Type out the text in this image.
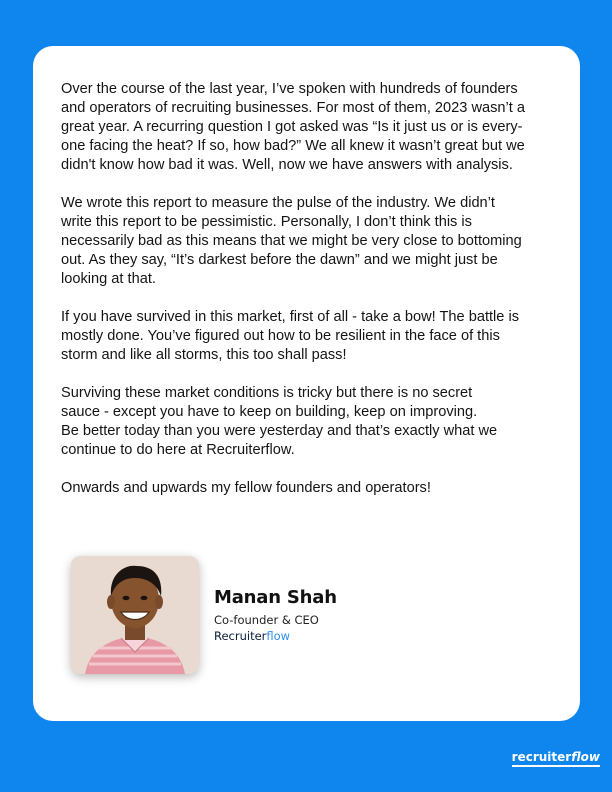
Over the course of the last year, I’ve spoken with hundreds of founders
and operators of recruiting businesses. For most of them, 2023 wasn’t a
great year. A recurring question I got asked was “Is it just us or is every-
one facing the heat? If so, how bad?” We all knew it wasn’t great but we
didn't know how bad it was. Well, now we have answers with analysis.

We wrote this report to measure the pulse of the industry. We didn’t
write this report to be pessimistic. Personally, I don’t think this is
necessarily bad as this means that we might be very close to bottoming
out. As they say, “It’s darkest before the dawn” and we might just be
looking at that.

If you have survived in this market, first of all - take a bow! The battle is
mostly done. You’ve figured out how to be resilient in the face of this
storm and like all storms, this too shall pass!

Surviving these market conditions is tricky but there is no secret
sauce - except you have to keep on building, keep on improving.
Be better today than you were yesterday and that’s exactly what we
continue to do here at Recruiterflow.

Onwards and upwards my fellow founders and operators!

Manan Shah
Co-founder & CEO
Recruiterflow
recruiterflow
